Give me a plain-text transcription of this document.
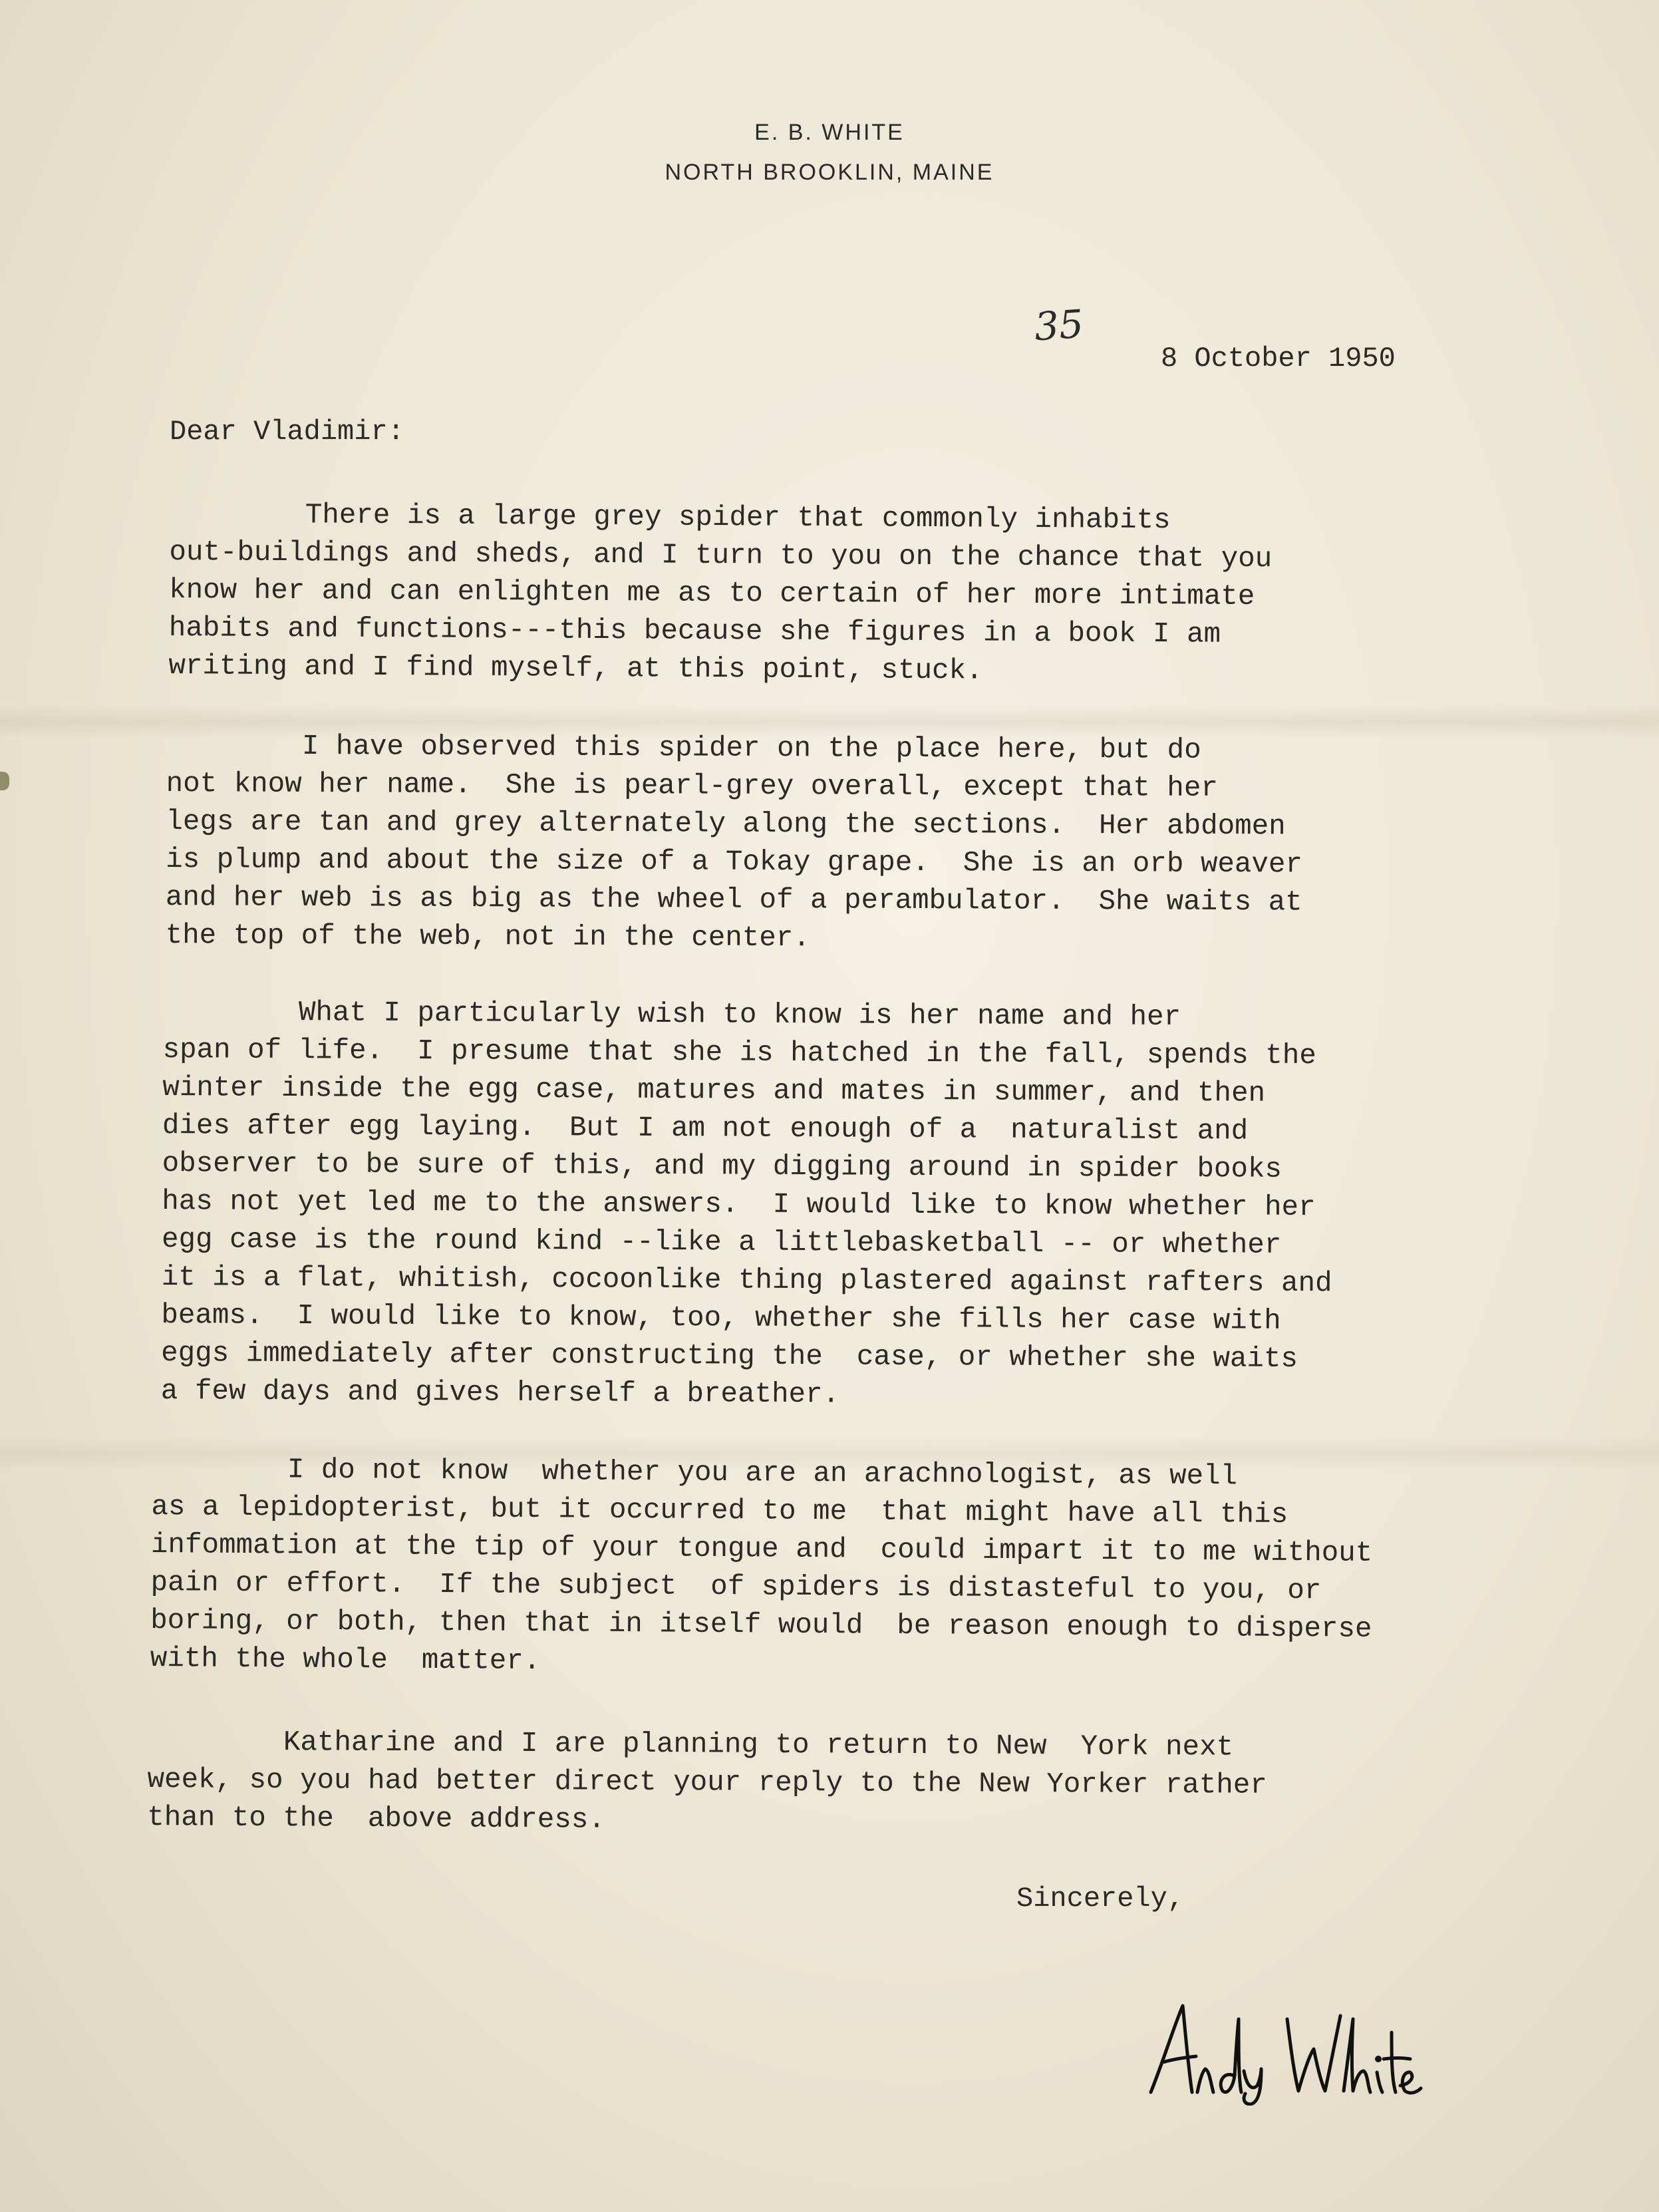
E. B. WHITE
NORTH BROOKLIN, MAINE
35
8 October 1950
Dear Vladimir:
There is a large grey spider that commonly inhabits
out-buildings and sheds, and I turn to you on the chance that you
know her and can enlighten me as to certain of her more intimate
habits and functions---this because she figures in a book I am
writing and I find myself, at this point, stuck.
I have observed this spider on the place here, but do
not know her name.  She is pearl-grey overall, except that her
legs are tan and grey alternately along the sections.  Her abdomen
is plump and about the size of a Tokay grape.  She is an orb weaver
and her web is as big as the wheel of a perambulator.  She waits at
the top of the web, not in the center.
What I particularly wish to know is her name and her
span of life.  I presume that she is hatched in the fall, spends the
winter inside the egg case, matures and mates in summer, and then
dies after egg laying.  But I am not enough of a  naturalist and
observer to be sure of this, and my digging around in spider books
has not yet led me to the answers.  I would like to know whether her
egg case is the round kind --like a littlebasketball -- or whether
it is a flat, whitish, cocoonlike thing plastered against rafters and
beams.  I would like to know, too, whether she fills her case with
eggs immediately after constructing the  case, or whether she waits
a few days and gives herself a breather.
I do not know  whether you are an arachnologist, as well
as a lepidopterist, but it occurred to me  that might have all this
infommation at the tip of your tongue and  could impart it to me without
pain or effort.  If the subject  of spiders is distasteful to you, or
boring, or both, then that in itself would  be reason enough to disperse
with the whole  matter.
Katharine and I are planning to return to New  York next
week, so you had better direct your reply to the New Yorker rather
than to the  above address.
Sincerely,
